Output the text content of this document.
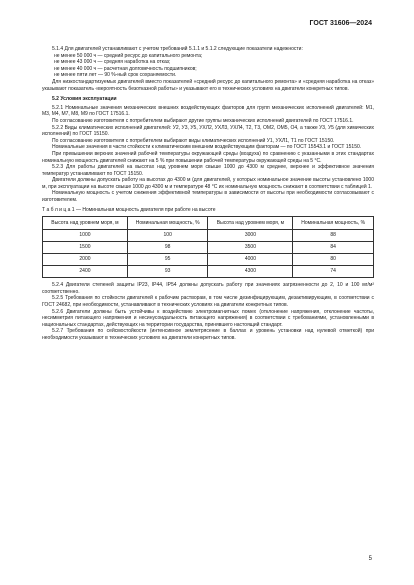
ГОСТ 31606—2024

5.1.4 Для двигателей устанавливают с учетом требований 5.1.1 и 5.1.2 следующие показатели надежности:

не менее 50 000 ч — средний ресурс до капитального ремонта;

не менее 43 000 ч — средняя наработка на отказ;

не менее 40 000 ч — расчетная долговечность подшипников;

не менее пяти лет — 90 %-ный срок сохраняемости.

Для низкостандартизуемых двигателей вместо показателей «средний ресурс до капитального ремонта» и «средняя наработка на отказ» указывают показатель «вероятность безотказной работы» и указывают его в технических условиях на двигатели конкретных типов.

5.2 Условия эксплуатации

5.2.1 Номинальные значения механических внешних воздействующих факторов для групп механических исполнений двигателей: М1, М3, М4, М7, М8, М9 по ГОСТ 17516.1.

По согласованию изготовителя с потребителем выбирают другие группы механических исполнений двигателей по ГОСТ 17516.1.

5.2.2 Виды климатических исполнений двигателей: У2, У3, У5, УХЛ2, УХЛ3, УХЛ4, Т2, Т3, ОМ2, ОМ5, О4, а также У3, У5 (для химических исполнений) по ГОСТ 15150.

По согласованию изготовителя с потребителем выбирают виды климатических исполнений У1, УХЛ1, Т1 по ГОСТ 15150.

Номинальные значения в части стойкости к климатическим внешним воздействующим факторам — по ГОСТ 15543.1 и ГОСТ 15150.

При превышении верхних значений рабочей температуры окружающей среды (воздуха) по сравнению с указанными в этих стандартах номинальную мощность двигателей снижают на 5 % при повышении рабочей температуры окружающей среды на 5 °С.

5.2.3 Для работы двигателей на высотах над уровнем моря свыше 1000 до 4300 м среднее, верхнее и эффективное значения температур устанавливают по ГОСТ 15150.

Двигатели должны допускать работу на высотах до 4300 м (для двигателей, у которых номинальное значение высоты установлено 1000 м, при эксплуатации на высоте свыше 1000 до 4300 м и температуре 48 °С их номинальную мощность снижают в соответствии с таблицей 1.

Номинальную мощность с учетом снижения эффективной температуры в зависимости от высоты при необходимости согласовывают с изготовителем.

Т а б л и ц а 1 — Номинальная мощность двигателя при работе на высоте

Высота над уровнем моря, м	Номинальная мощность, %	Высота над уровнем моря, м	Номинальная мощность, %
1000	100	3000	88
1500	98	3500	84
2000	95	4000	80
2400	93	4300	74

5.2.4 Двигатели степеней защиты IP23, IP44, IP54 должны допускать работу при значениях загрязненности до 2, 10 и 100 мг/м² соответственно.

5.2.5 Требования по стойкости двигателей к рабочим растворам, в том числе дезинфицирующим, дезактивирующим, в соответствии с ГОСТ 24682, при необходимости, устанавливают в технических условиях на двигатели конкретных типов.

5.2.6 Двигатели должны быть устойчивы к воздействию электромагнитных помех (отклонение напряжения, отклонение частоты, несимметрия питающего напряжения и несинусоидальность питающего напряжения) в соответствии с требованиями, установленными в национальных стандартах, действующих на территории государства, принявшего настоящий стандарт.

5.2.7 Требования по сейсмостойкости (интенсивное землетрясение в баллах и уровень установки над нулевой отметкой) при необходимости указывают в технических условиях на двигатели конкретных типов.

5
